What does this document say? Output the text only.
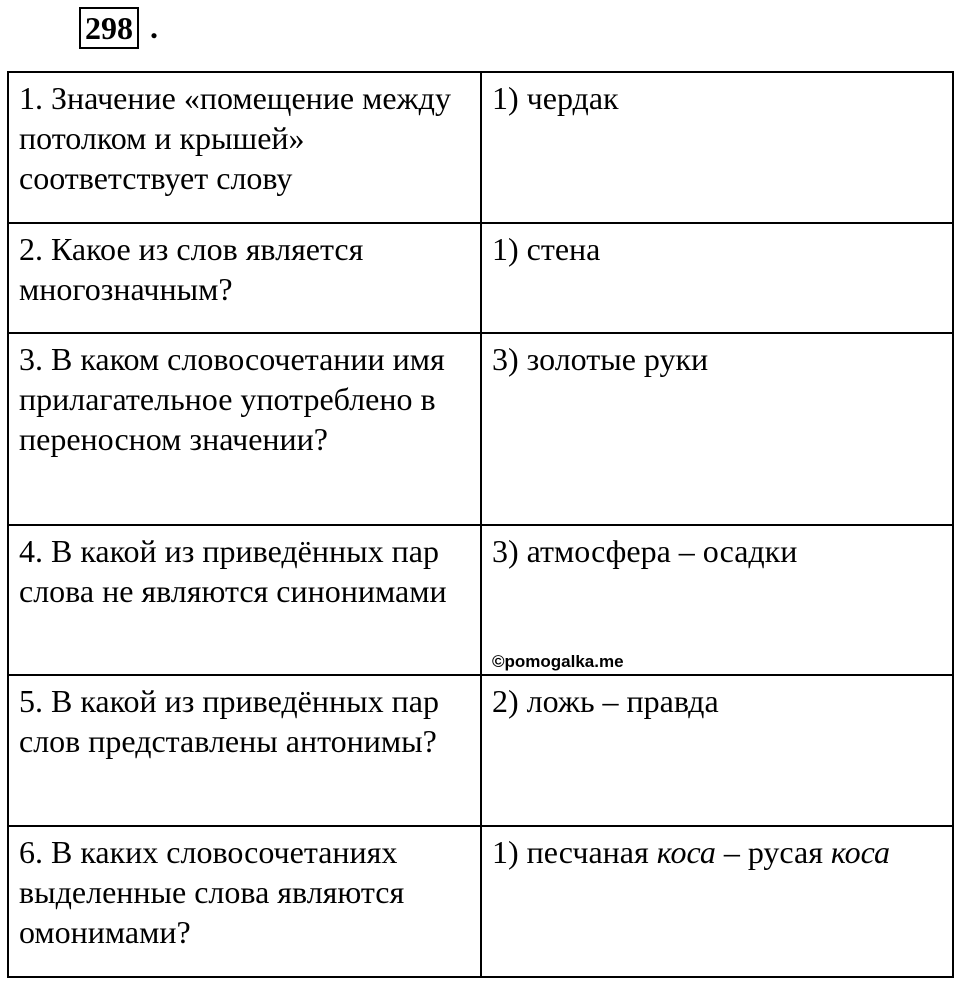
298 .
1. Значение «помещение между потолком и крышей» соответствует слову	1) чердак
2. Какое из слов является многозначным?	1) стена
3. В каком словосочетании имя прилагательное употреблено в переносном значении?	3) золотые руки
4. В какой из приведённых пар слова не являются синонимами	3) атмосфера – осадки
©pomogalka.me

5. В какой из приведённых пар слов представлены антонимы?	2) ложь – правда
6. В каких словосочетаниях выделенные слова являются омонимами?	1) песчаная коса – русая коса
